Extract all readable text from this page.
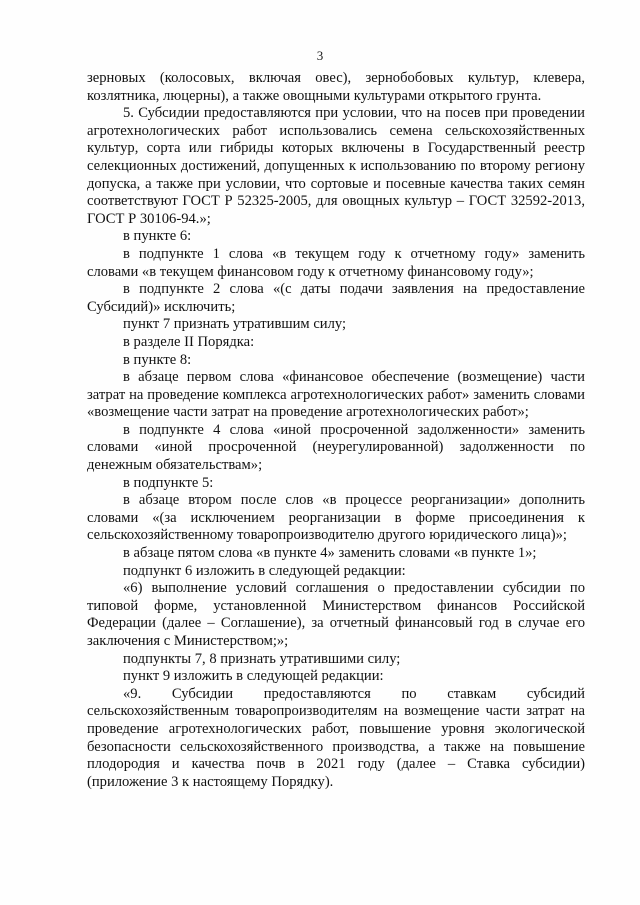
3

зерновых (колосовых, включая овес), зернобобовых культур, клевера, козлятника, люцерны), а также овощными культурами открытого грунта.

5. Субсидии предоставляются при условии, что на посев при проведении агротехнологических работ использовались семена сельскохозяйственных культур, сорта или гибриды которых включены в Государственный реестр селекционных достижений, допущенных к использованию по второму региону допуска, а также при условии, что сортовые и посевные качества таких семян соответствуют ГОСТ Р 52325-2005, для овощных культур – ГОСТ 32592-2013, ГОСТ Р 30106-94.»;

в пункте 6:

в подпункте 1 слова «в текущем году к отчетному году» заменить словами «в текущем финансовом году к отчетному финансовому году»;

в подпункте 2 слова «(с даты подачи заявления на предоставление Субсидий)» исключить;

пункт 7 признать утратившим силу;

в разделе II Порядка:

в пункте 8:

в абзаце первом слова «финансовое обеспечение (возмещение) части затрат на проведение комплекса агротехнологических работ» заменить словами «возмещение части затрат на проведение агротехнологических работ»;

в подпункте 4 слова «иной просроченной задолженности» заменить словами «иной просроченной (неурегулированной) задолженности по денежным обязательствам»;

в подпункте 5:

в абзаце втором после слов «в процессе реорганизации» дополнить словами «(за исключением реорганизации в форме присоединения к сельскохозяйственному товаропроизводителю другого юридического лица)»;

в абзаце пятом слова «в пункте 4» заменить словами «в пункте 1»;

подпункт 6 изложить в следующей редакции:

«6) выполнение условий соглашения о предоставлении субсидии по типовой форме, установленной Министерством финансов Российской Федерации (далее – Соглашение), за отчетный финансовый год в случае его заключения с Министерством;»;

подпункты 7, 8 признать утратившими силу;

пункт 9 изложить в следующей редакции:

«9. Субсидии предоставляются по ставкам субсидий сельскохозяйственным товаропроизводителям на возмещение части затрат на проведение агротехнологических работ, повышение уровня экологической безопасности сельскохозяйственного производства, а также на повышение плодородия и качества почв в 2021 году (далее – Ставка субсидии) (приложение 3 к настоящему Порядку).
